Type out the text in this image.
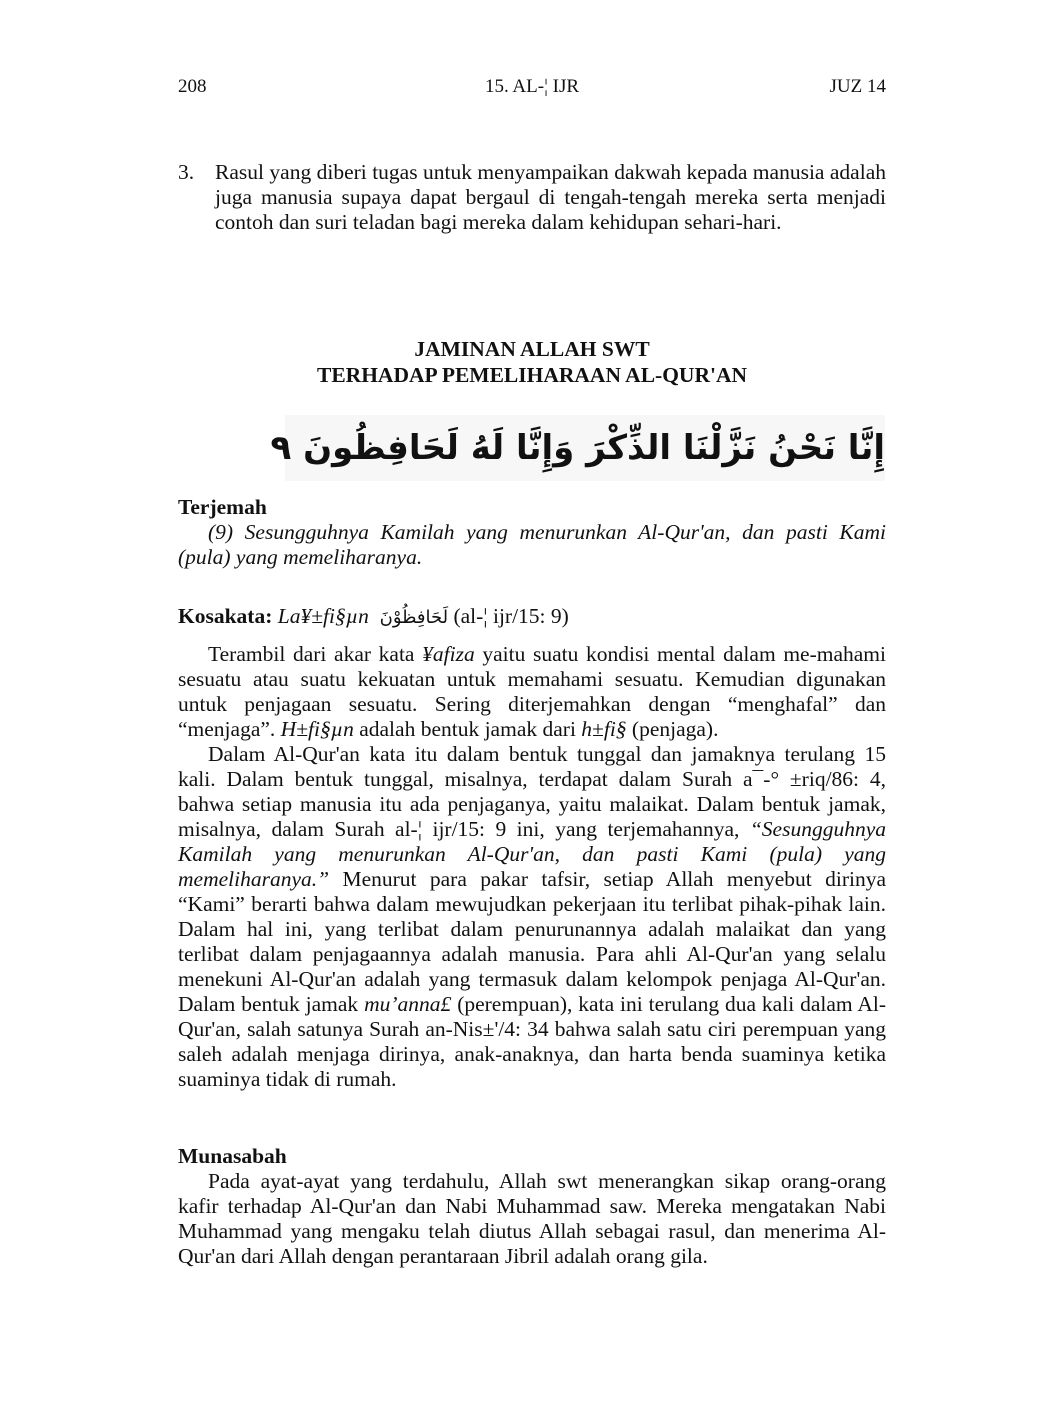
208	15. AL-¦ IJR	JUZ 14
3. Rasul yang diberi tugas untuk menyampaikan dakwah kepada manusia adalah juga manusia supaya dapat bergaul di tengah-tengah mereka serta menjadi contoh dan suri teladan bagi mereka dalam kehidupan sehari-hari.
JAMINAN ALLAH SWT
TERHADAP PEMELIHARAAN AL-QUR'AN
إِنَّا نَحْنُ نَزَّلْنَا الذِّكْرَ وَإِنَّا لَهُ لَحَافِظُونَ ٩
Terjemah

(9) Sesungguhnya Kamilah yang menurunkan Al-Qur'an, dan pasti Kami (pula) yang memeliharanya.

Kosakata: La¥±fi§µn لَحَافِظُوْنَ (al-¦ ijr/15: 9)

Terambil dari akar kata ¥afiza yaitu suatu kondisi mental dalam me-mahami sesuatu atau suatu kekuatan untuk memahami sesuatu. Kemudian digunakan untuk penjagaan sesuatu. Sering diterjemahkan dengan “menghafal” dan “menjaga”. H±fi§µn adalah bentuk jamak dari h±fi§ (penjaga).

Dalam Al-Qur'an kata itu dalam bentuk tunggal dan jamaknya terulang 15 kali. Dalam bentuk tunggal, misalnya, terdapat dalam Surah a¯-° ±riq/86: 4, bahwa setiap manusia itu ada penjaganya, yaitu malaikat. Dalam bentuk jamak, misalnya, dalam Surah al-¦ ijr/15: 9 ini, yang terjemahannya, “Sesungguhnya Kamilah yang menurunkan Al-Qur'an, dan pasti Kami (pula) yang memeliharanya.” Menurut para pakar tafsir, setiap Allah menyebut dirinya “Kami” berarti bahwa dalam mewujudkan pekerjaan itu terlibat pihak-pihak lain. Dalam hal ini, yang terlibat dalam penurunannya adalah malaikat dan yang terlibat dalam penjagaannya adalah manusia. Para ahli Al-Qur'an yang selalu menekuni Al-Qur'an adalah yang termasuk dalam kelompok penjaga Al-Qur'an. Dalam bentuk jamak mu’anna£ (perempuan), kata ini terulang dua kali dalam Al-Qur'an, salah satunya Surah an-Nis±'/4: 34 bahwa salah satu ciri perempuan yang saleh adalah menjaga dirinya, anak-anaknya, dan harta benda suaminya ketika suaminya tidak di rumah.

Munasabah

Pada ayat-ayat yang terdahulu, Allah swt menerangkan sikap orang-orang kafir terhadap Al-Qur'an dan Nabi Muhammad saw. Mereka mengatakan Nabi Muhammad yang mengaku telah diutus Allah sebagai rasul, dan menerima Al-Qur'an dari Allah dengan perantaraan Jibril adalah orang gila.
